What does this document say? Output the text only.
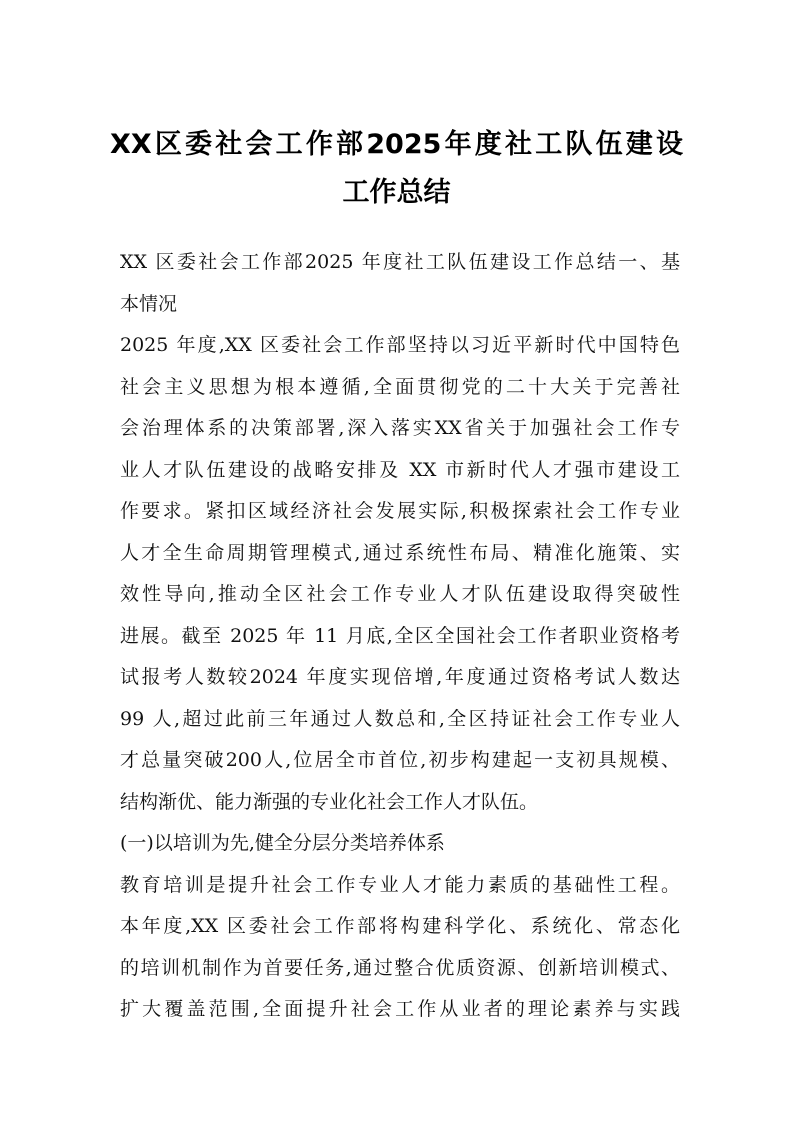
XX区委社会工作部2025年度社工队伍建设
工作总结
XX 区委社会工作部2025 年度社工队伍建设工作总结一、基
本情况
2025 年度,XX 区委社会工作部坚持以习近平新时代中国特色
社会主义思想为根本遵循,全面贯彻党的二十大关于完善社
会治理体系的决策部署,深入落实XX省关于加强社会工作专
业人才队伍建设的战略安排及 XX 市新时代人才强市建设工
作要求。紧扣区域经济社会发展实际,积极探索社会工作专业
人才全生命周期管理模式,通过系统性布局、精准化施策、实
效性导向,推动全区社会工作专业人才队伍建设取得突破性
进展。截至 2025 年 11 月底,全区全国社会工作者职业资格考
试报考人数较2024 年度实现倍增,年度通过资格考试人数达
99 人,超过此前三年通过人数总和,全区持证社会工作专业人
才总量突破200人,位居全市首位,初步构建起一支初具规模、
结构渐优、能力渐强的专业化社会工作人才队伍。
(一)以培训为先,健全分层分类培养体系
教育培训是提升社会工作专业人才能力素质的基础性工程。
本年度,XX 区委社会工作部将构建科学化、系统化、常态化
的培训机制作为首要任务,通过整合优质资源、创新培训模式、
扩大覆盖范围,全面提升社会工作从业者的理论素养与实践
